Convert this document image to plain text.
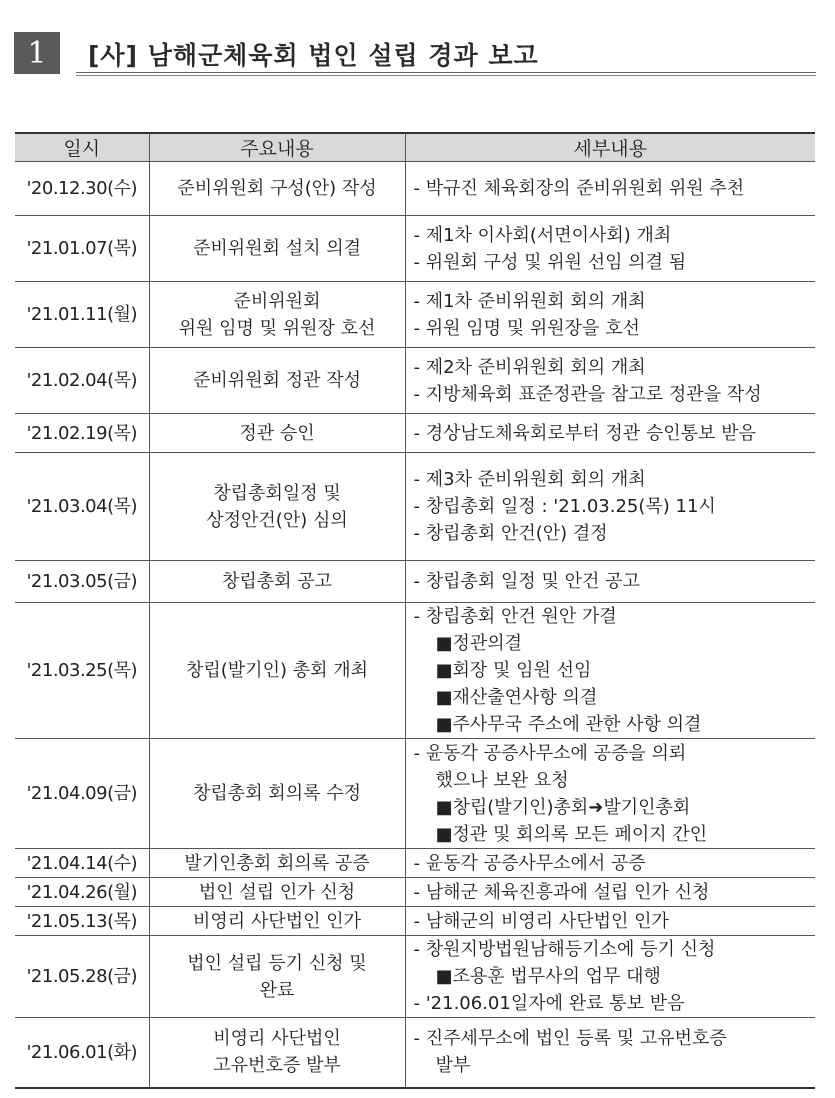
1	[사] 남해군체육회 법인 설립 경과 보고
일시	주요내용	세부내용
'20.12.30(수)	준비위원회 구성(안) 작성	- 박규진 체육회장의 준비위원회 위원 추천

'21.01.07(목)	준비위원회 설치 의결	- 제1차 이사회(서면이사회) 개최
- 위원회 구성 및 위원 선임 의결 됨

'21.01.11(월)	준비위원회
위원 임명 및 위원장 호선	- 제1차 준비위원회 회의 개최
- 위원 임명 및 위원장을 호선

'21.02.04(목)	준비위원회 정관 작성	- 제2차 준비위원회 회의 개최
- 지방체육회 표준정관을 참고로 정관을 작성

'21.02.19(목)	정관 승인	- 경상남도체육회로부터 정관 승인통보 받음

'21.03.04(목)	창립총회일정 및
상정안건(안) 심의	- 제3차 준비위원회 회의 개최
- 창립총회 일정 : '21.03.25(목) 11시
- 창립총회 안건(안) 결정

'21.03.05(금)	창립총회 공고	- 창립총회 일정 및 안건 공고

'21.03.25(목)	창립(발기인) 총회 개최	- 창립총회 안건 원안 가결
■정관의결
■회장 및 임원 선임
■재산출연사항 의결
■주사무국 주소에 관한 사항 의결

'21.04.09(금)	창립총회 회의록 수정	- 윤동각 공증사무소에 공증을 의뢰
했으나 보완 요청
■창립(발기인)총회➜발기인총회
■정관 및 회의록 모든 페이지 간인

'21.04.14(수)	발기인총회 회의록 공증	- 윤동각 공증사무소에서 공증

'21.04.26(월)	법인 설립 인가 신청	- 남해군 체육진흥과에 설립 인가 신청

'21.05.13(목)	비영리 사단법인 인가	- 남해군의 비영리 사단법인 인가

'21.05.28(금)	법인 설립 등기 신청 및
완료	- 창원지방법원남해등기소에 등기 신청
■조용훈 법무사의 업무 대행
- '21.06.01일자에 완료 통보 받음

'21.06.01(화)	비영리 사단법인
고유번호증 발부	- 진주세무소에 법인 등록 및 고유번호증
발부
